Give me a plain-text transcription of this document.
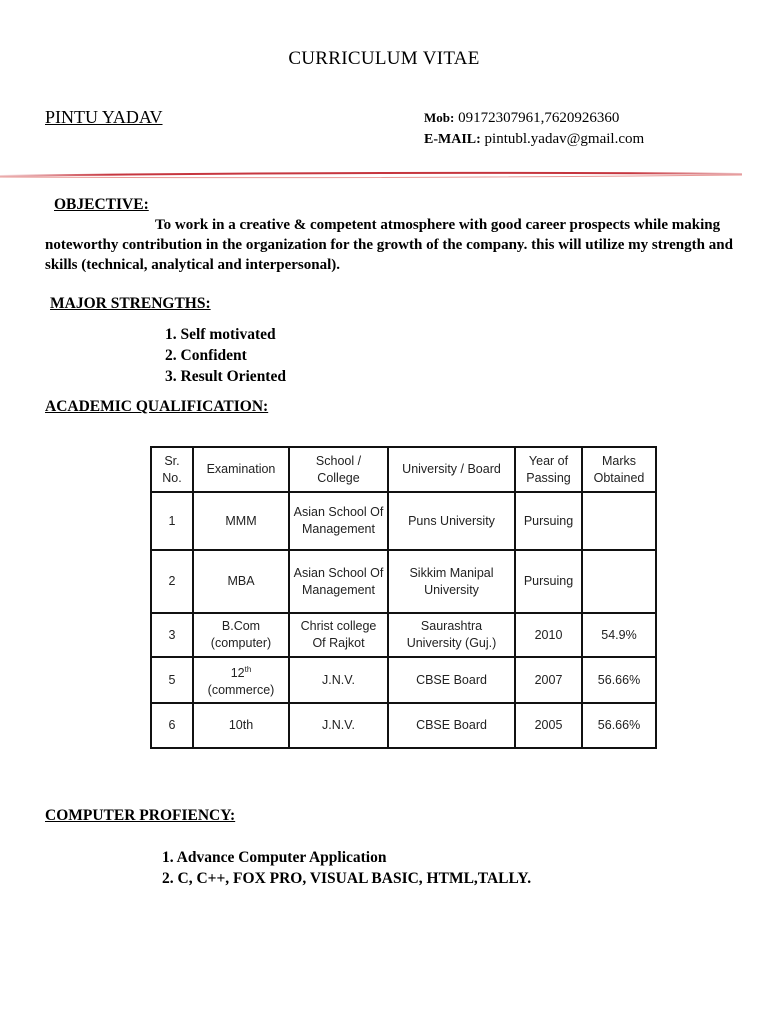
CURRICULUM VITAE
PINTU YADAV	Mob: 09172307961,7620926360
E-MAIL: pintubl.yadav@gmail.com
OBJECTIVE:
To work in a creative & competent atmosphere with good career prospects while making noteworthy contribution in the organization for the growth of the company. this will utilize my strength and skills (technical, analytical and interpersonal).
MAJOR STRENGTHS:
1. Self motivated
2. Confident
3. Result Oriented
ACADEMIC QUALIFICATION:
Sr. No.	Examination	School / College	University / Board	Year of Passing	Marks Obtained
1	MMM	Asian School Of Management	Puns University	Pursuing	
2	MBA	Asian School Of Management	Sikkim Manipal University	Pursuing	
3	B.Com (computer)	Christ college Of Rajkot	Saurashtra University (Guj.)	2010	54.9%
5	12th (commerce)	J.N.V.	CBSE Board	2007	56.66%
6	10th	J.N.V.	CBSE Board	2005	56.66%
COMPUTER PROFIENCY:
1. Advance Computer Application
2. C, C++, FOX PRO, VISUAL BASIC, HTML,TALLY.
